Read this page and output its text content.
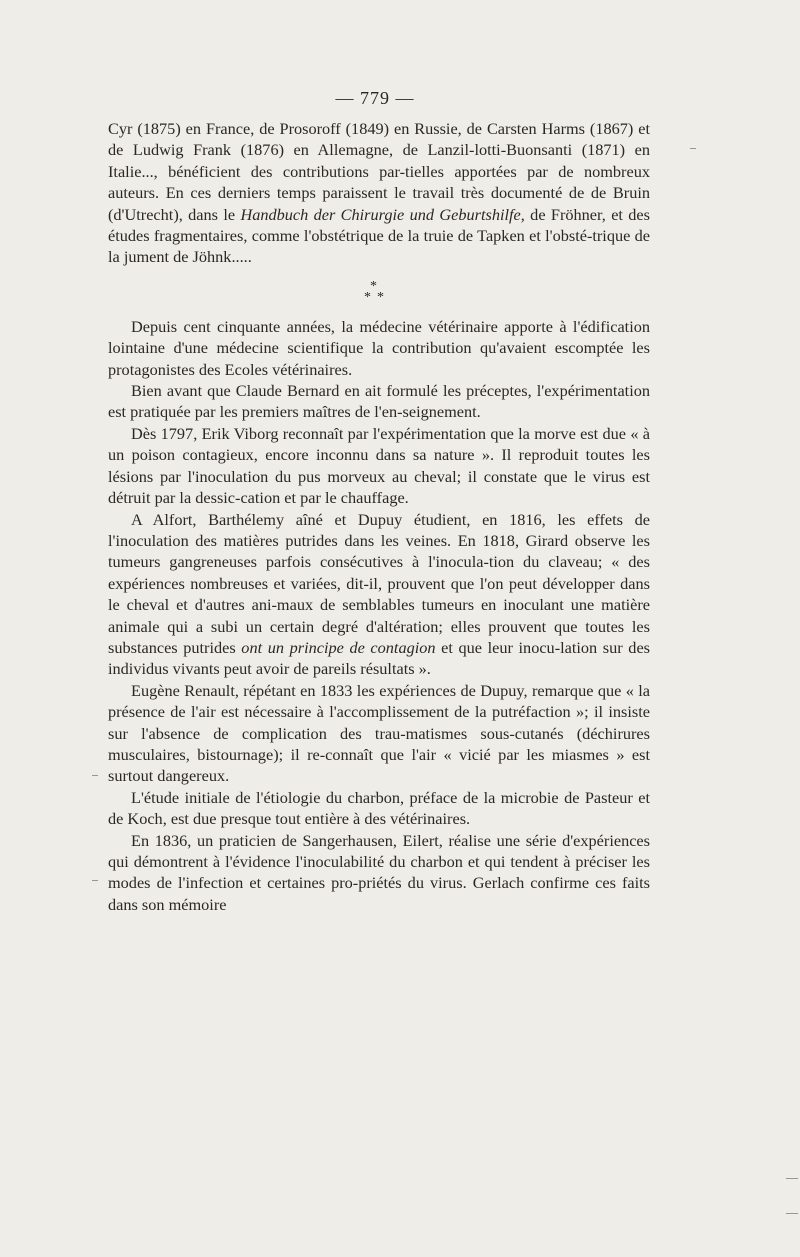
— 779 —

Cyr (1875) en France, de Prosoroff (1849) en Russie, de Carsten Harms (1867) et de Ludwig Frank (1876) en Allemagne, de Lanzil-lotti-Buonsanti (1871) en Italie..., bénéficient des contributions par-tielles apportées par de nombreux auteurs. En ces derniers temps paraissent le travail très documenté de de Bruin (d'Utrecht), dans le Handbuch der Chirurgie und Geburtshilfe, de Fröhner, et des études fragmentaires, comme l'obstétrique de la truie de Tapken et l'obsté-trique de la jument de Jöhnk.....

*
* *

Depuis cent cinquante années, la médecine vétérinaire apporte à l'édification lointaine d'une médecine scientifique la contribution qu'avaient escomptée les protagonistes des Ecoles vétérinaires.

Bien avant que Claude Bernard en ait formulé les préceptes, l'expérimentation est pratiquée par les premiers maîtres de l'en-seignement.

Dès 1797, Erik Viborg reconnaît par l'expérimentation que la morve est due « à un poison contagieux, encore inconnu dans sa nature ». Il reproduit toutes les lésions par l'inoculation du pus morveux au cheval; il constate que le virus est détruit par la dessic-cation et par le chauffage.

A Alfort, Barthélemy aîné et Dupuy étudient, en 1816, les effets de l'inoculation des matières putrides dans les veines. En 1818, Girard observe les tumeurs gangreneuses parfois consécutives à l'inocula-tion du claveau; « des expériences nombreuses et variées, dit-il, prouvent que l'on peut développer dans le cheval et d'autres ani-maux de semblables tumeurs en inoculant une matière animale qui a subi un certain degré d'altération; elles prouvent que toutes les substances putrides ont un principe de contagion et que leur inocu-lation sur des individus vivants peut avoir de pareils résultats ».

Eugène Renault, répétant en 1833 les expériences de Dupuy, remarque que « la présence de l'air est nécessaire à l'accomplissement de la putréfaction »; il insiste sur l'absence de complication des trau-matismes sous-cutanés (déchirures musculaires, bistournage); il re-connaît que l'air « vicié par les miasmes » est surtout dangereux.

L'étude initiale de l'étiologie du charbon, préface de la microbie de Pasteur et de Koch, est due presque tout entière à des vétérinaires.

En 1836, un praticien de Sangerhausen, Eilert, réalise une série d'expériences qui démontrent à l'évidence l'inoculabilité du charbon et qui tendent à préciser les modes de l'infection et certaines pro-priétés du virus. Gerlach confirme ces faits dans son mémoire
